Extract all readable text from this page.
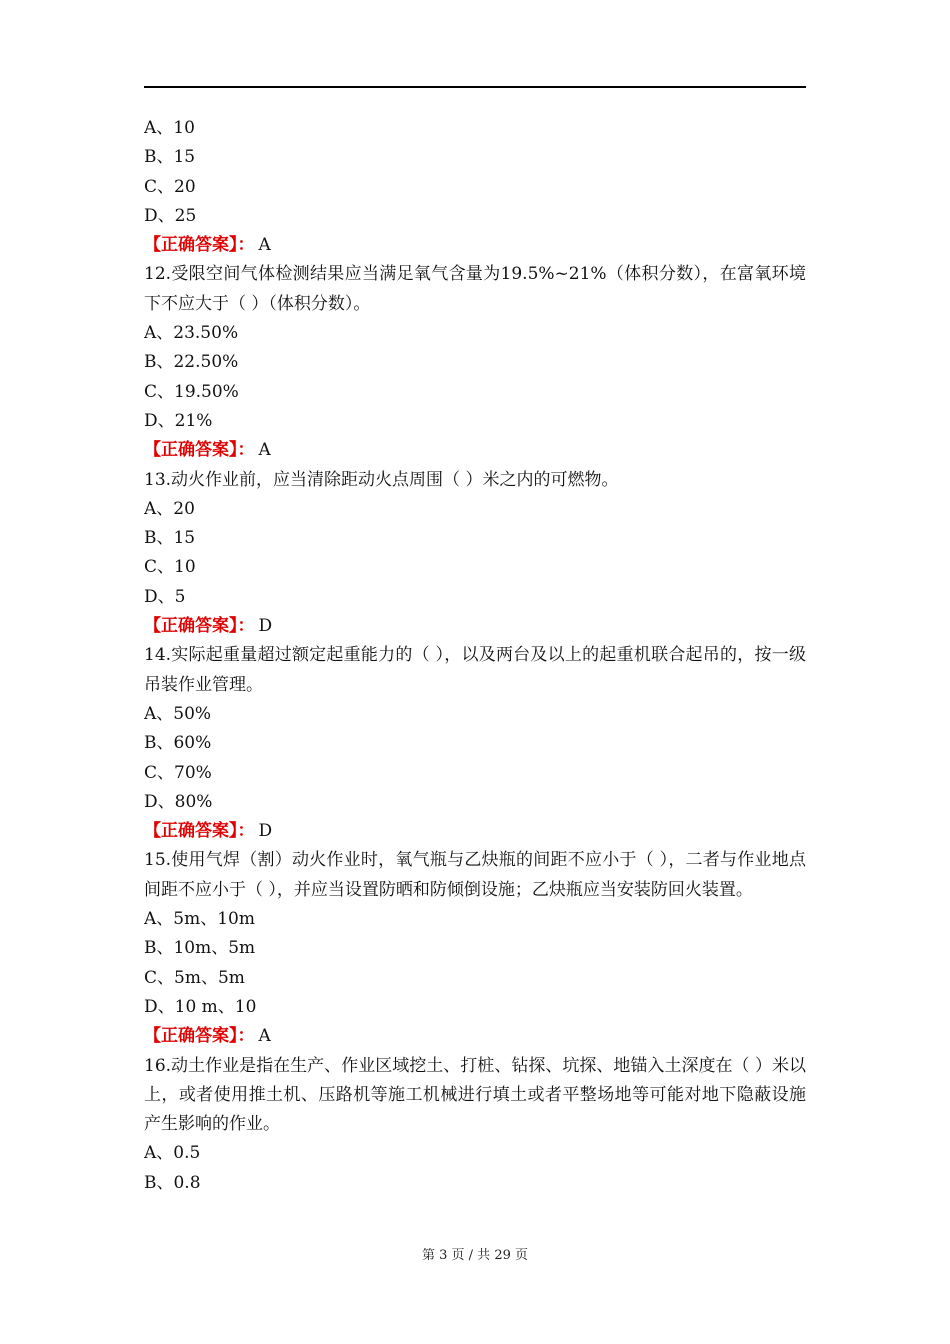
A、10
B、15
C、20
D、25
【正确答案】： A
12.受限空间气体检测结果应当满足氧气含量为19.5%~21%（体积分数），在富氧环境下不应大于（ ）（体积分数）。
A、23.50%
B、22.50%
C、19.50%
D、21%
【正确答案】： A
13.动火作业前，应当清除距动火点周围（ ）米之内的可燃物。
A、20
B、15
C、10
D、5
【正确答案】： D
14.实际起重量超过额定起重能力的（ ），以及两台及以上的起重机联合起吊的，按一级吊装作业管理。
A、50%
B、60%
C、70%
D、80%
【正确答案】： D
15.使用气焊（割）动火作业时，氧气瓶与乙炔瓶的间距不应小于（ ），二者与作业地点间距不应小于（ ），并应当设置防晒和防倾倒设施；乙炔瓶应当安装防回火装置。
A、5m、10m
B、10m、5m
C、5m、5m
D、10 m、10
【正确答案】： A
16.动土作业是指在生产、作业区域挖土、打桩、钻探、坑探、地锚入土深度在（ ）米以上，或者使用推土机、压路机等施工机械进行填土或者平整场地等可能对地下隐蔽设施产生影响的作业。
A、0.5
B、0.8
第 3 页 / 共 29 页
